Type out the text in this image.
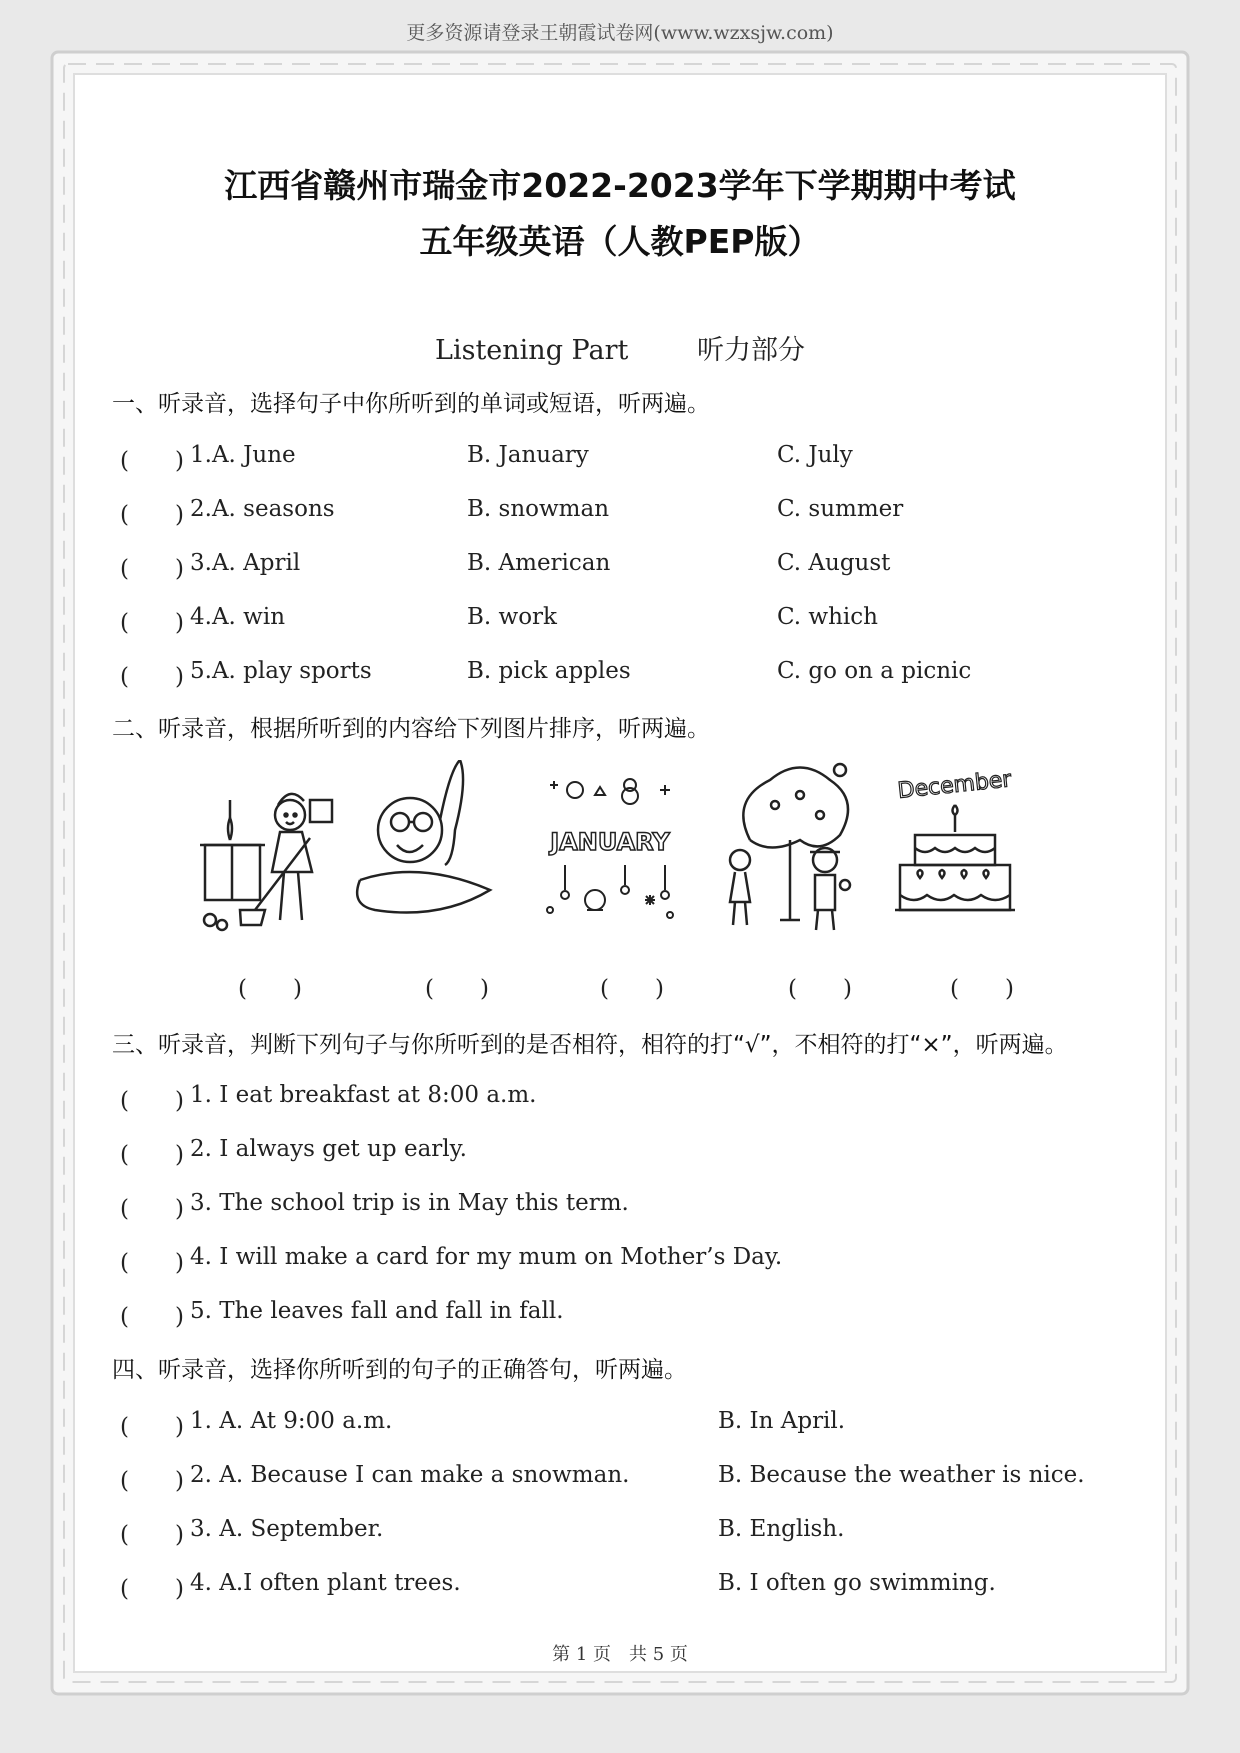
更多资源请登录王朝霞试卷网(www.wzxsjw.com)
江西省赣州市瑞金市2022-2023学年下学期期中考试
五年级英语（人教PEP版）
Listening Part	听力部分
一、听录音，选择句子中你所听到的单词或短语，听两遍。
(　　) 1.A. June	B. January	C. July
(　　) 2.A. seasons	B. snowman	C. summer
(　　) 3.A. April	B. American	C. August
(　　) 4.A. win	B. work	C. which
(　　) 5.A. play sports	B. pick apples	C. go on a picnic
二、听录音，根据所听到的内容给下列图片排序，听两遍。
JANUARY
December
(　　)	(　　)	(　　)	(　　)	(　　)
三、听录音，判断下列句子与你所听到的是否相符，相符的打“√”，不相符的打“×”，听两遍。
(　　) 1. I eat breakfast at 8:00 a.m.
(　　) 2. I always get up early.
(　　) 3. The school trip is in May this term.
(　　) 4. I will make a card for my mum on Mother’s Day.
(　　) 5. The leaves fall and fall in fall.
四、听录音，选择你所听到的句子的正确答句，听两遍。
(　　) 1. A. At 9:00 a.m.	B. In April.
(　　) 2. A. Because I can make a snowman.	B. Because the weather is nice.
(　　) 3. A. September.	B. English.
(　　) 4. A.I often plant trees.	B. I often go swimming.
第 1 页　共 5 页
